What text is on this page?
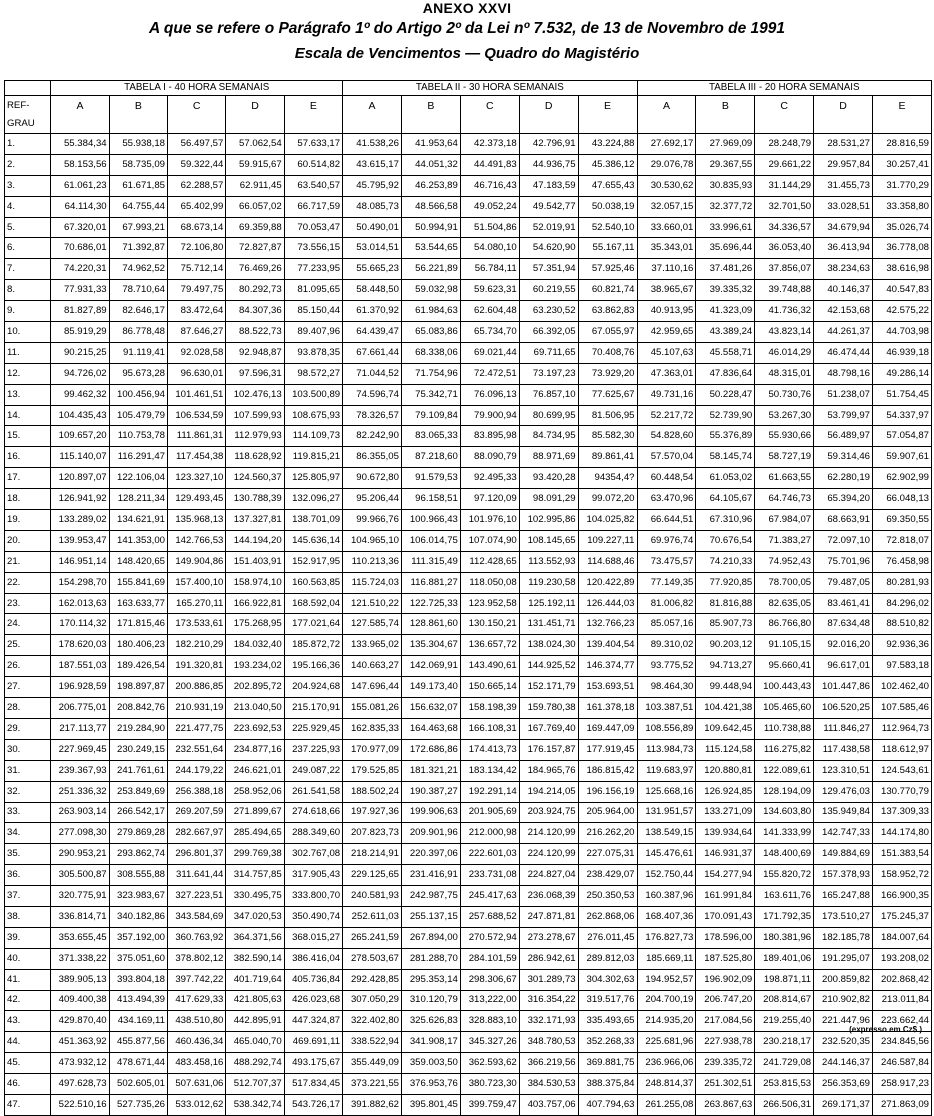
ANEXO XXVI
A que se refere o Parágrafo 1º do Artigo 2º da Lei nº 7.532, de 13 de Novembro de 1991
Escala de Vencimentos — Quadro do Magistério
	TABELA I - 40 HORA SEMANAIS					TABELA II - 30 HORA SEMANAIS					TABELA III - 20 HORA SEMANAIS				
REF-	A	B	C	D	E	A	B	C	D	E	A	B	C	D	E
GRAU															
1.	55.384,34	55.938,18	56.497,57	57.062,54	57.633,17	41.538,26	41.953,64	42.373,18	42.796,91	43.224,88	27.692,17	27.969,09	28.248,79	28.531,27	28.816,59
2.	58.153,56	58.735,09	59.322,44	59.915,67	60.514,82	43.615,17	44.051,32	44.491,83	44.936,75	45.386,12	29.076,78	29.367,55	29.661,22	29.957,84	30.257,41
3.	61.061,23	61.671,85	62.288,57	62.911,45	63.540,57	45.795,92	46.253,89	46.716,43	47.183,59	47.655,43	30.530,62	30.835,93	31.144,29	31.455,73	31.770,29
4.	64.114,30	64.755,44	65.402,99	66.057,02	66.717,59	48.085,73	48.566,58	49.052,24	49.542,77	50.038,19	32.057,15	32.377,72	32.701,50	33.028,51	33.358,80
5.	67.320,01	67.993,21	68.673,14	69.359,88	70.053,47	50.490,01	50.994,91	51.504,86	52.019,91	52.540,10	33.660,01	33.996,61	34.336,57	34.679,94	35.026,74
6.	70.686,01	71.392,87	72.106,80	72.827,87	73.556,15	53.014,51	53.544,65	54.080,10	54.620,90	55.167,11	35.343,01	35.696,44	36.053,40	36.413,94	36.778,08
7.	74.220,31	74.962,52	75.712,14	76.469,26	77.233,95	55.665,23	56.221,89	56.784,11	57.351,94	57.925,46	37.110,16	37.481,26	37.856,07	38.234,63	38.616,98
8.	77.931,33	78.710,64	79.497,75	80.292,73	81.095,65	58.448,50	59.032,98	59.623,31	60.219,55	60.821,74	38.965,67	39.335,32	39.748,88	40.146,37	40.547,83
9.	81.827,89	82.646,17	83.472,64	84.307,36	85.150,44	61.370,92	61.984,63	62.604,48	63.230,52	63.862,83	40.913,95	41.323,09	41.736,32	42.153,68	42.575,22
10.	85.919,29	86.778,48	87.646,27	88.522,73	89.407,96	64.439,47	65.083,86	65.734,70	66.392,05	67.055,97	42.959,65	43.389,24	43.823,14	44.261,37	44.703,98
11.	90.215,25	91.119,41	92.028,58	92.948,87	93.878,35	67.661,44	68.338,06	69.021,44	69.711,65	70.408,76	45.107,63	45.558,71	46.014,29	46.474,44	46.939,18
12.	94.726,02	95.673,28	96.630,01	97.596,31	98.572,27	71.044,52	71.754,96	72.472,51	73.197,23	73.929,20	47.363,01	47.836,64	48.315,01	48.798,16	49.286,14
13.	99.462,32	100.456,94	101.461,51	102.476,13	103.500,89	74.596,74	75.342,71	76.096,13	76.857,10	77.625,67	49.731,16	50.228,47	50.730,76	51.238,07	51.754,45
14.	104.435,43	105.479,79	106.534,59	107.599,93	108.675,93	78.326,57	79.109,84	79.900,94	80.699,95	81.506,95	52.217,72	52.739,90	53.267,30	53.799,97	54.337,97
15.	109.657,20	110.753,78	111.861,31	112.979,93	114.109,73	82.242,90	83.065,33	83.895,98	84.734,95	85.582,30	54.828,60	55.376,89	55.930,66	56.489,97	57.054,87
16.	115.140,07	116.291,47	117.454,38	118.628,92	119.815,21	86.355,05	87.218,60	88.090,79	88.971,69	89.861,41	57.570,04	58.145,74	58.727,19	59.314,46	59.907,61
17.	120.897,07	122.106,04	123.327,10	124.560,37	125.805,97	90.672,80	91.579,53	92.495,33	93.420,28	94354,4?	60.448,54	61.053,02	61.663,55	62.280,19	62.902,99
18.	126.941,92	128.211,34	129.493,45	130.788,39	132.096,27	95.206,44	96.158,51	97.120,09	98.091,29	99.072,20	63.470,96	64.105,67	64.746,73	65.394,20	66.048,13
19.	133.289,02	134.621,91	135.968,13	137.327,81	138.701,09	99.966,76	100.966,43	101.976,10	102.995,86	104.025,82	66.644,51	67.310,96	67.984,07	68.663,91	69.350,55
20.	139.953,47	141.353,00	142.766,53	144.194,20	145.636,14	104.965,10	106.014,75	107.074,90	108.145,65	109.227,11	69.976,74	70.676,54	71.383,27	72.097,10	72.818,07
21.	146.951,14	148.420,65	149.904,86	151.403,91	152.917,95	110.213,36	111.315,49	112.428,65	113.552,93	114.688,46	73.475,57	74.210,33	74.952,43	75.701,96	76.458,98
22.	154.298,70	155.841,69	157.400,10	158.974,10	160.563,85	115.724,03	116.881,27	118.050,08	119.230,58	120.422,89	77.149,35	77.920,85	78.700,05	79.487,05	80.281,93
23.	162.013,63	163.633,77	165.270,11	166.922,81	168.592,04	121.510,22	122.725,33	123.952,58	125.192,11	126.444,03	81.006,82	81.816,88	82.635,05	83.461,41	84.296,02
24.	170.114,32	171.815,46	173.533,61	175.268,95	177.021,64	127.585,74	128.861,60	130.150,21	131.451,71	132.766,23	85.057,16	85.907,73	86.766,80	87.634,48	88.510,82
25.	178.620,03	180.406,23	182.210,29	184.032,40	185.872,72	133.965,02	135.304,67	136.657,72	138.024,30	139.404,54	89.310,02	90.203,12	91.105,15	92.016,20	92.936,36
26.	187.551,03	189.426,54	191.320,81	193.234,02	195.166,36	140.663,27	142.069,91	143.490,61	144.925,52	146.374,77	93.775,52	94.713,27	95.660,41	96.617,01	97.583,18
27.	196.928,59	198.897,87	200.886,85	202.895,72	204.924,68	147.696,44	149.173,40	150.665,14	152.171,79	153.693,51	98.464,30	99.448,94	100.443,43	101.447,86	102.462,40
28.	206.775,01	208.842,76	210.931,19	213.040,50	215.170,91	155.081,26	156.632,07	158.198,39	159.780,38	161.378,18	103.387,51	104.421,38	105.465,60	106.520,25	107.585,46
29.	217.113,77	219.284,90	221.477,75	223.692,53	225.929,45	162.835,33	164.463,68	166.108,31	167.769,40	169.447,09	108.556,89	109.642,45	110.738,88	111.846,27	112.964,73
30.	227.969,45	230.249,15	232.551,64	234.877,16	237.225,93	170.977,09	172.686,86	174.413,73	176.157,87	177.919,45	113.984,73	115.124,58	116.275,82	117.438,58	118.612,97
31.	239.367,93	241.761,61	244.179,22	246.621,01	249.087,22	179.525,85	181.321,21	183.134,42	184.965,76	186.815,42	119.683,97	120.880,81	122.089,61	123.310,51	124.543,61
32.	251.336,32	253.849,69	256.388,18	258.952,06	261.541,58	188.502,24	190.387,27	192.291,14	194.214,05	196.156,19	125.668,16	126.924,85	128.194,09	129.476,03	130.770,79
33.	263.903,14	266.542,17	269.207,59	271.899,67	274.618,66	197.927,36	199.906,63	201.905,69	203.924,75	205.964,00	131.951,57	133.271,09	134.603,80	135.949,84	137.309,33
34.	277.098,30	279.869,28	282.667,97	285.494,65	288.349,60	207.823,73	209.901,96	212.000,98	214.120,99	216.262,20	138.549,15	139.934,64	141.333,99	142.747,33	144.174,80
35.	290.953,21	293.862,74	296.801,37	299.769,38	302.767,08	218.214,91	220.397,06	222.601,03	224.120,99	227.075,31	145.476,61	146.931,37	148.400,69	149.884,69	151.383,54
36.	305.500,87	308.555,88	311.641,44	314.757,85	317.905,43	229.125,65	231.416,91	233.731,08	224.827,04	238.429,07	152.750,44	154.277,94	155.820,72	157.378,93	158.952,72
37.	320.775,91	323.983,67	327.223,51	330.495,75	333.800,70	240.581,93	242.987,75	245.417,63	236.068,39	250.350,53	160.387,96	161.991,84	163.611,76	165.247,88	166.900,35
38.	336.814,71	340.182,86	343.584,69	347.020,53	350.490,74	252.611,03	255.137,15	257.688,52	247.871,81	262.868,06	168.407,36	170.091,43	171.792,35	173.510,27	175.245,37
39.	353.655,45	357.192,00	360.763,92	364.371,56	368.015,27	265.241,59	267.894,00	270.572,94	273.278,67	276.011,45	176.827,73	178.596,00	180.381,96	182.185,78	184.007,64
40.	371.338,22	375.051,60	378.802,12	382.590,14	386.416,04	278.503,67	281.288,70	284.101,59	286.942,61	289.812,03	185.669,11	187.525,80	189.401,06	191.295,07	193.208,02
41.	389.905,13	393.804,18	397.742,22	401.719,64	405.736,84	292.428,85	295.353,14	298.306,67	301.289,73	304.302,63	194.952,57	196.902,09	198.871,11	200.859,82	202.868,42
42.	409.400,38	413.494,39	417.629,33	421.805,63	426.023,68	307.050,29	310.120,79	313,222,00	316.354,22	319.517,76	204.700,19	206.747,20	208.814,67	210.902,82	213.011,84
43.	429.870,40	434.169,11	438.510,80	442.895,91	447.324,87	322.402,80	325.626,83	328.883,10	332.171,93	335.493,65	214.935,20	217.084,56	219.255,40	221.447,96	223.662,44
44.	451.363,92	455.877,56	460.436,34	465.040,70	469.691,11	338.522,94	341.908,17	345.327,26	348.780,53	352.268,33	225.681,96	227.938,78	230.218,17	232.520,35	234.845,56
45.	473.932,12	478.671,44	483.458,16	488.292,74	493.175,67	355.449,09	359.003,50	362.593,62	366.219,56	369.881,75	236.966,06	239.335,72	241.729,08	244.146,37	246.587,84
46.	497.628,73	502.605,01	507.631,06	512.707,37	517.834,45	373.221,55	376.953,76	380.723,30	384.530,53	388.375,84	248.814,37	251.302,51	253.815,53	256.353,69	258.917,23
47.	522.510,16	527.735,26	533.012,62	538.342,74	543.726,17	391.882,62	395.801,45	399.759,47	403.757,06	407.794,63	261.255,08	263.867,63	266.506,31	269.171,37	271.863,09
(expresso em Cz$ )
